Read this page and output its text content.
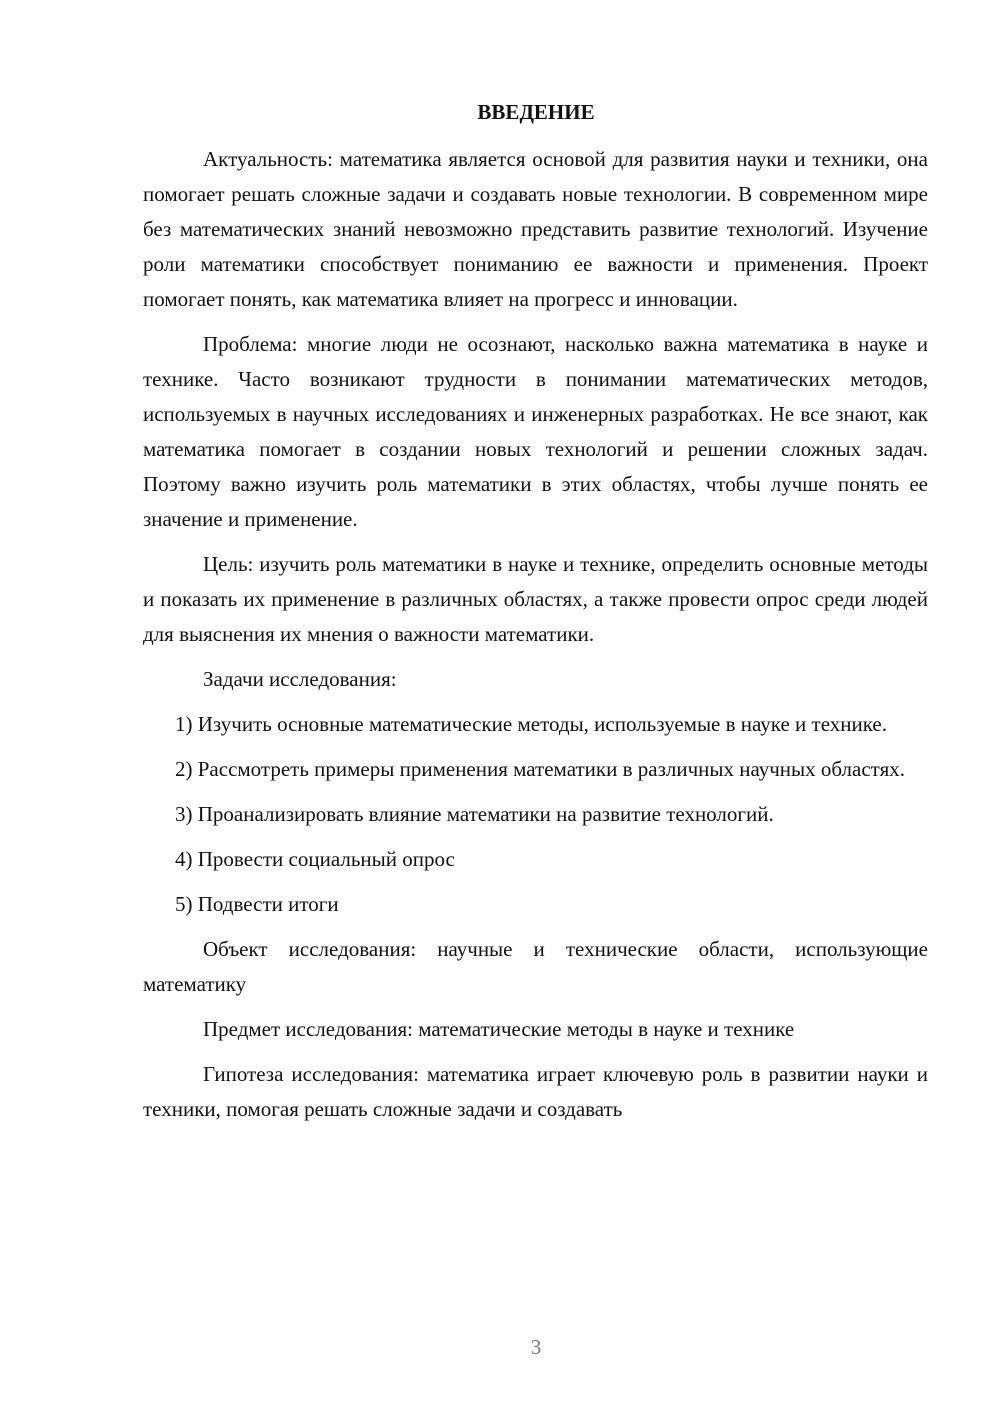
ВВЕДЕНИЕ

Актуальность: математика является основой для развития науки и техники, она помогает решать сложные задачи и создавать новые технологии. В современном мире без математических знаний невозможно представить развитие технологий. Изучение роли математики способствует пониманию ее важности и применения. Проект помогает понять, как математика влияет на прогресс и инновации.

Проблема: многие люди не осознают, насколько важна математика в науке и технике. Часто возникают трудности в понимании математических методов, используемых в научных исследованиях и инженерных разработках. Не все знают, как математика помогает в создании новых технологий и решении сложных задач. Поэтому важно изучить роль математики в этих областях, чтобы лучше понять ее значение и применение.

Цель: изучить роль математики в науке и технике, определить основные методы и показать их применение в различных областях, а также провести опрос среди людей для выяснения их мнения о важности математики.

Задачи исследования:

1) Изучить основные математические методы, используемые в науке и технике.

2) Рассмотреть примеры применения математики в различных научных областях.

3) Проанализировать влияние математики на развитие технологий.

4) Провести социальный опрос

5) Подвести итоги

Объект исследования: научные и технические области, использующие математику

Предмет исследования: математические методы в науке и технике

Гипотеза исследования: математика играет ключевую роль в развитии науки и техники, помогая решать сложные задачи и создавать

3
